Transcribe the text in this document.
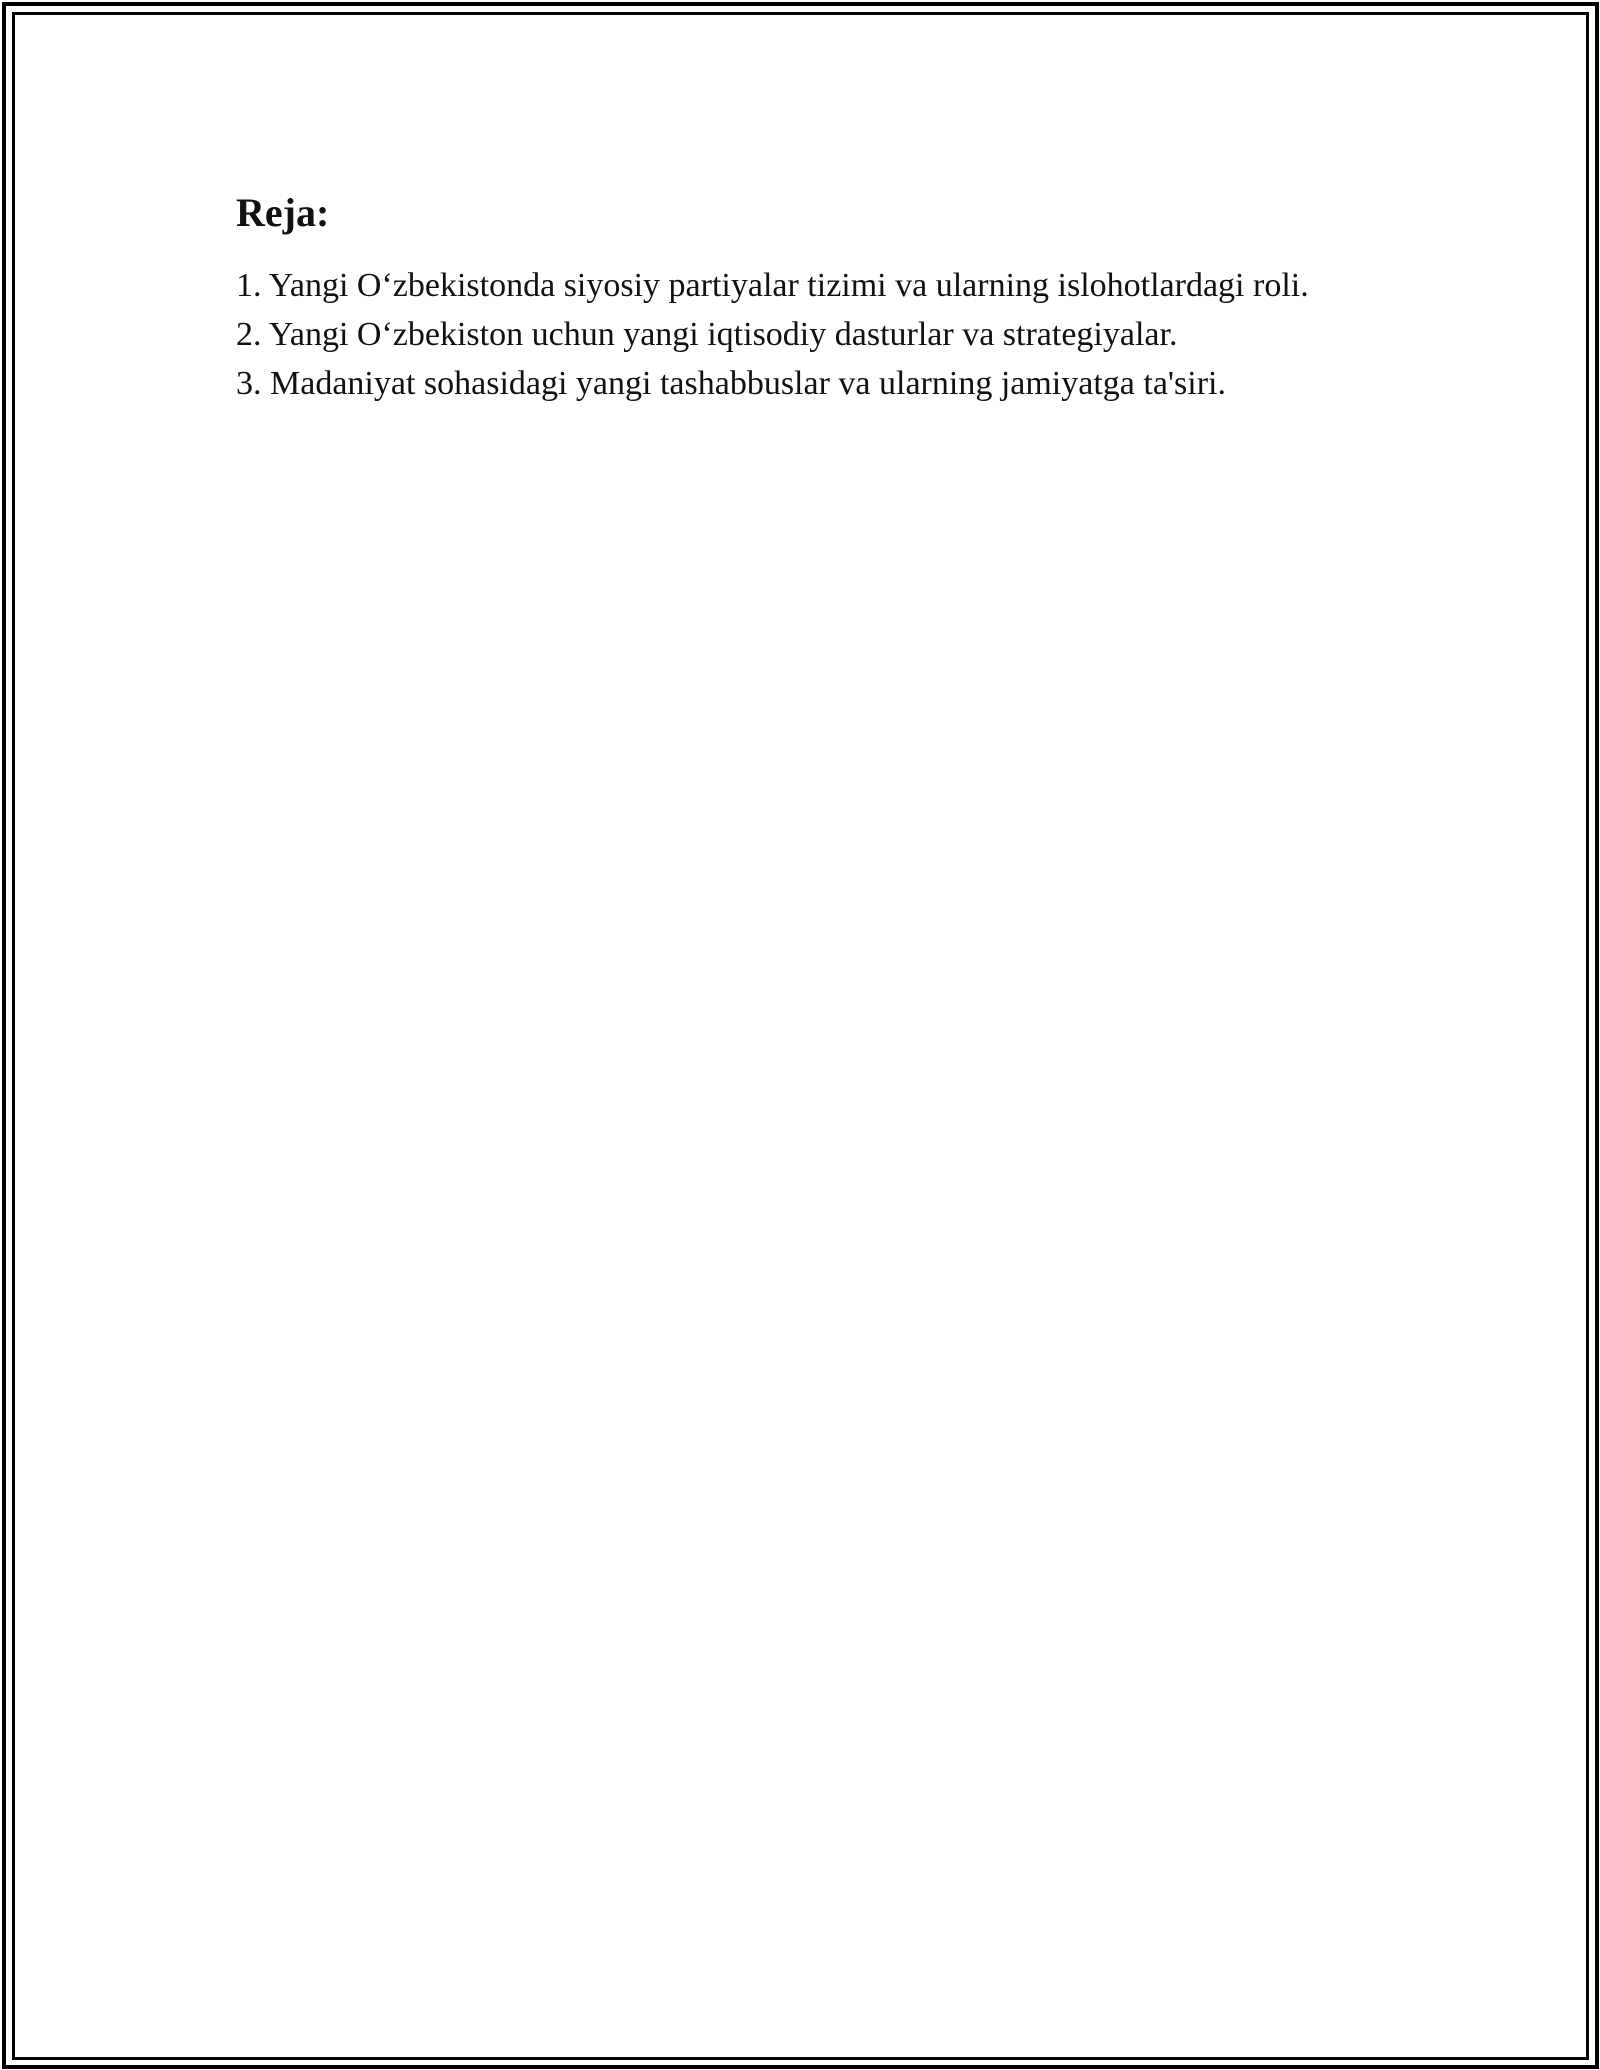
Reja:

1. Yangi O‘zbekistonda siyosiy partiyalar tizimi va ularning islohotlardagi roli.

2. Yangi O‘zbekiston uchun yangi iqtisodiy dasturlar va strategiyalar.

3. Madaniyat sohasidagi yangi tashabbuslar va ularning jamiyatga ta'siri.
